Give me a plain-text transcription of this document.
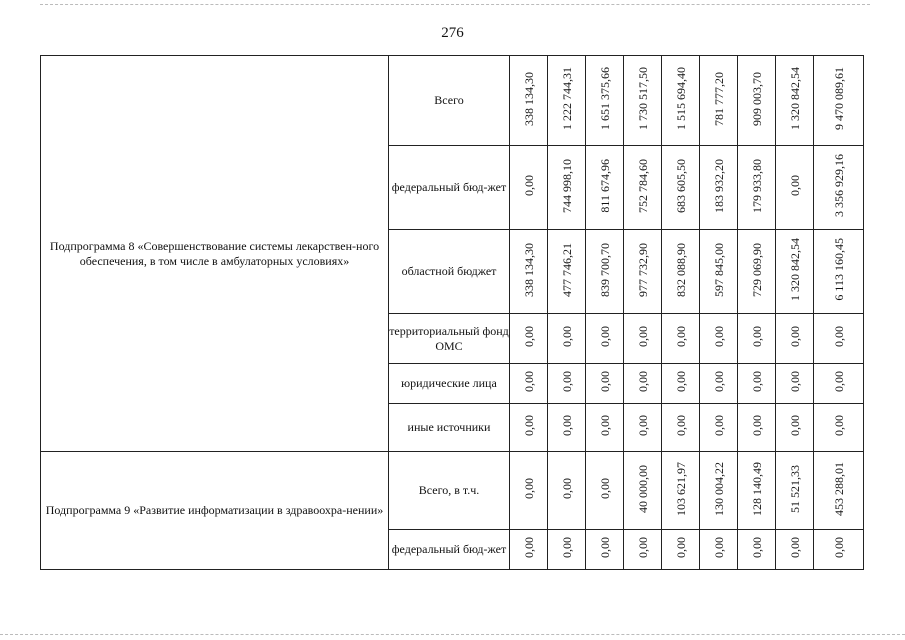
276
Подпрограмма 8 «Совершенствование системы лекарствен-ного обеспечения, в том числе в амбулаторных условиях»	Всего	338 134,30	1 222 744,31	1 651 375,66	1 730 517,50	1 515 694,40	781 777,20	909 003,70	1 320 842,54	9 470 089,61
	федеральный бюд-жет	0,00	744 998,10	811 674,96	752 784,60	683 605,50	183 932,20	179 933,80	0,00	3 356 929,16
	областной бюджет	338 134,30	477 746,21	839 700,70	977 732,90	832 088,90	597 845,00	729 069,90	1 320 842,54	6 113 160,45
	территориальный фонд ОМС	0,00	0,00	0,00	0,00	0,00	0,00	0,00	0,00	0,00
	юридические лица	0,00	0,00	0,00	0,00	0,00	0,00	0,00	0,00	0,00
	иные источники	0,00	0,00	0,00	0,00	0,00	0,00	0,00	0,00	0,00
Подпрограмма 9 «Развитие информатизации в здравоохра-нении»	Всего, в т.ч.	0,00	0,00	0,00	40 000,00	103 621,97	130 004,22	128 140,49	51 521,33	453 288,01
	федеральный бюд-жет	0,00	0,00	0,00	0,00	0,00	0,00	0,00	0,00	0,00
